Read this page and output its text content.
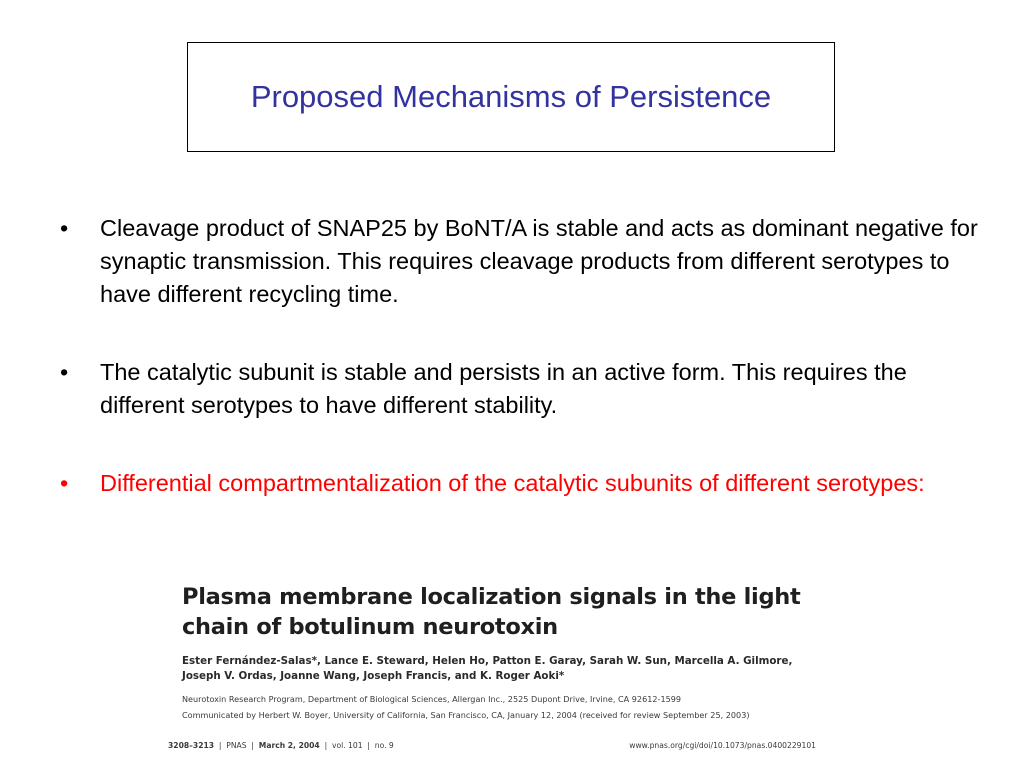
Proposed Mechanisms of Persistence
• Cleavage product of SNAP25 by BoNT/A is stable and acts as dominant negative for synaptic transmission. This requires cleavage products from different serotypes to have different recycling time.
• The catalytic subunit is stable and persists in an active form. This requires the different serotypes to have different stability.
• Differential compartmentalization of the catalytic subunits of different serotypes:
Plasma membrane localization signals in the light
chain of botulinum neurotoxin
Ester Fernández-Salas*, Lance E. Steward, Helen Ho, Patton E. Garay, Sarah W. Sun, Marcella A. Gilmore,
Joseph V. Ordas, Joanne Wang, Joseph Francis, and K. Roger Aoki*
Neurotoxin Research Program, Department of Biological Sciences, Allergan Inc., 2525 Dupont Drive, Irvine, CA 92612-1599
Communicated by Herbert W. Boyer, University of California, San Francisco, CA, January 12, 2004 (received for review September 25, 2003)
3208–3213 | PNAS | March 2, 2004 | vol. 101 | no. 9	www.pnas.org/cgi/doi/10.1073/pnas.0400229101
